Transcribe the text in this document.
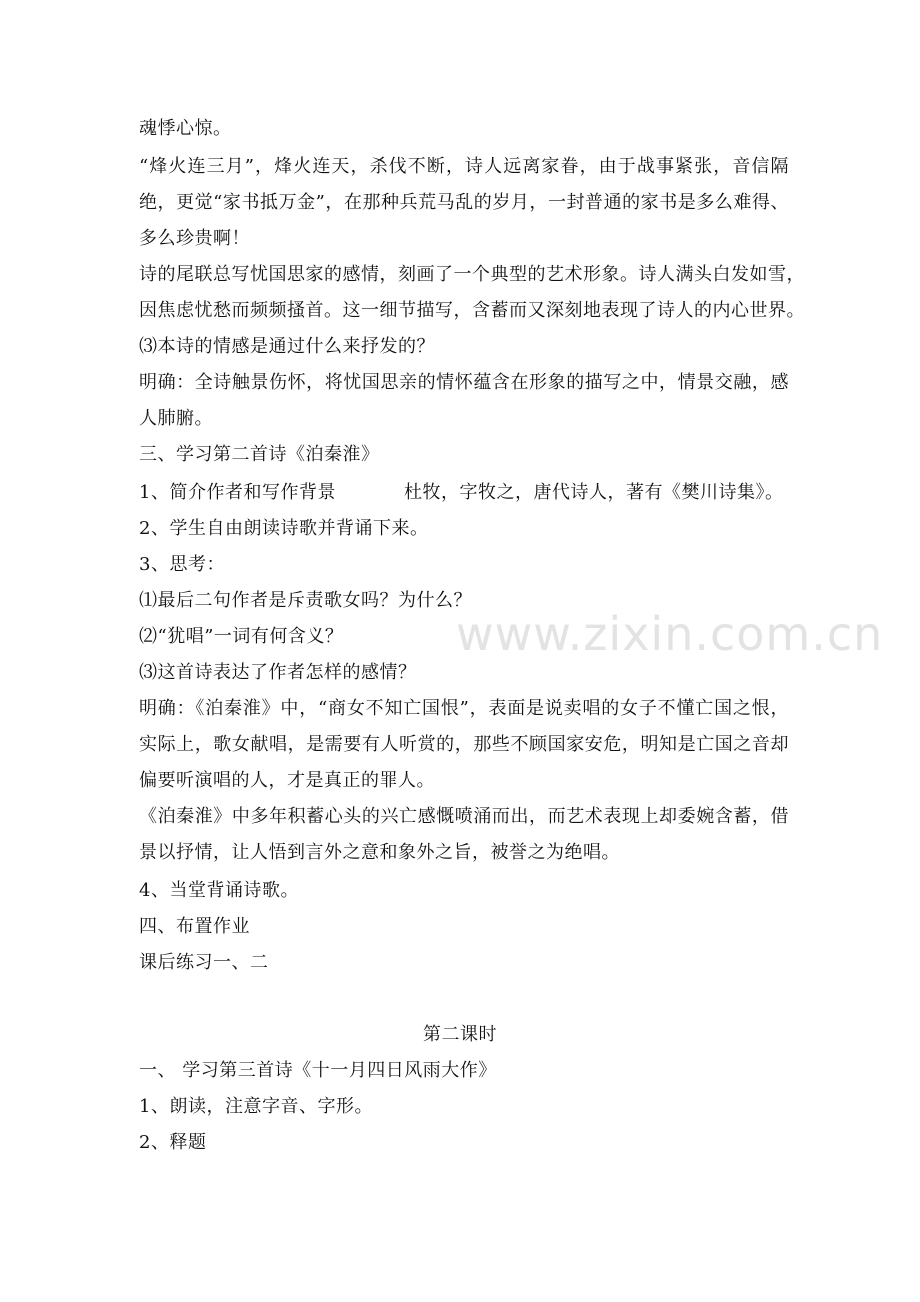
魂悸心惊。
“烽火连三月”，烽火连天，杀伐不断，诗人远离家眷，由于战事紧张，音信隔
绝，更觉“家书抵万金”，在那种兵荒马乱的岁月，一封普通的家书是多么难得、
多么珍贵啊！
诗的尾联总写忧国思家的感情，刻画了一个典型的艺术形象。诗人满头白发如雪，
因焦虑忧愁而频频搔首。这一细节描写，含蓄而又深刻地表现了诗人的内心世界。
⑶本诗的情感是通过什么来抒发的？
明确：全诗触景伤怀，将忧国思亲的情怀蕴含在形象的描写之中，情景交融，感
人肺腑。
三、学习第二首诗《泊秦淮》
1、简介作者和写作背景	杜牧，字牧之，唐代诗人，著有《樊川诗集》。
2、学生自由朗读诗歌并背诵下来。
3、思考：
⑴最后二句作者是斥责歌女吗？为什么？
⑵“犹唱”一词有何含义？
⑶这首诗表达了作者怎样的感情？
明确：《泊秦淮》中，“商女不知亡国恨”，表面是说卖唱的女子不懂亡国之恨，
实际上，歌女献唱，是需要有人听赏的，那些不顾国家安危，明知是亡国之音却
偏要听演唱的人，才是真正的罪人。
《泊秦淮》中多年积蓄心头的兴亡感慨喷涌而出，而艺术表现上却委婉含蓄，借
景以抒情，让人悟到言外之意和象外之旨，被誉之为绝唱。
4、当堂背诵诗歌。
四、布置作业
课后练习一、二
第二课时
一、 学习第三首诗《十一月四日风雨大作》
1、朗读，注意字音、字形。
2、释题
www.zixin.com.cn
